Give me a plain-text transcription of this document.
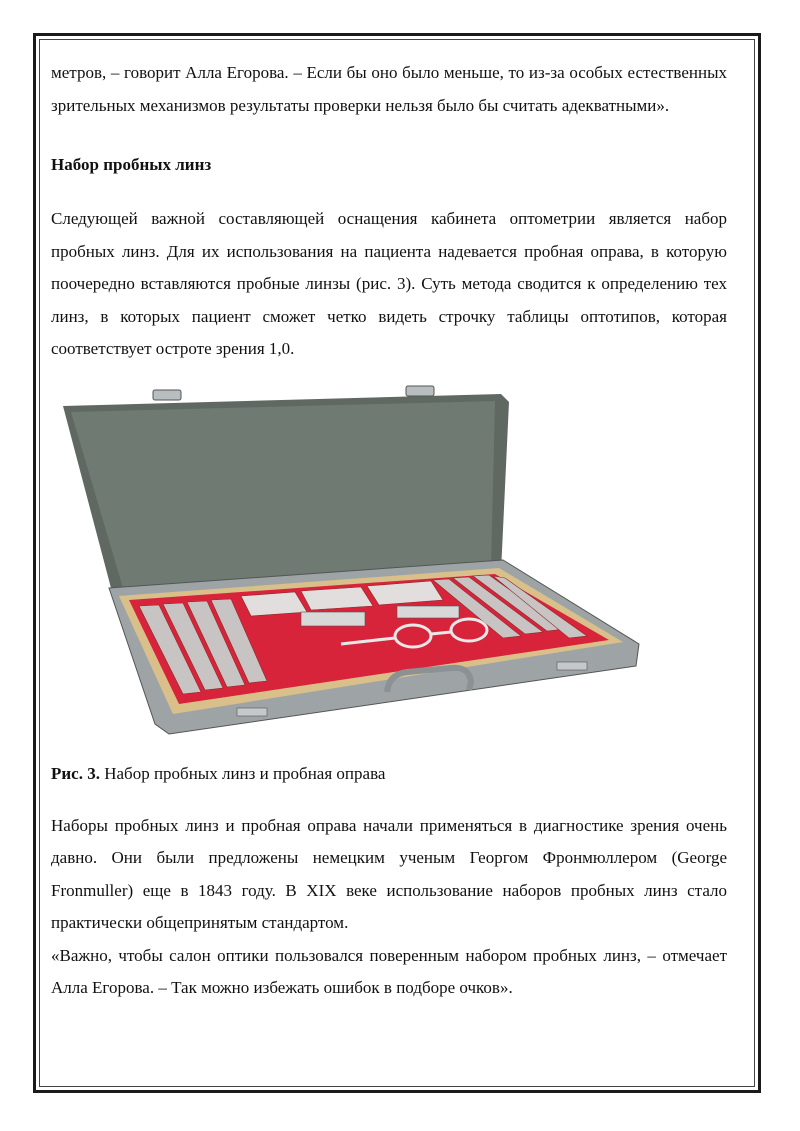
метров, – говорит Алла Егорова. – Если бы оно было меньше, то из-за особых естественных зрительных механизмов результаты проверки нельзя было бы считать адекватными».

Набор пробных линз

Следующей важной составляющей оснащения кабинета оптометрии является набор пробных линз. Для их использования на пациента надевается пробная оправа, в которую поочередно вставляются пробные линзы (рис. 3). Суть метода сводится к определению тех линз, в которых пациент сможет четко видеть строчку таблицы оптотипов, которая соответствует остроте зрения 1,0.

Рис. 3. Набор пробных линз и пробная оправа

Наборы пробных линз и пробная оправа начали применяться в диагностике зрения очень давно. Они были предложены немецким ученым Георгом Фронмюллером (George Fronmuller) еще в 1843 году. В XIX веке использование наборов пробных линз стало практически общепринятым стандартом.

«Важно, чтобы салон оптики пользовался поверенным набором пробных линз, – отмечает Алла Егорова. – Так можно избежать ошибок в подборе очков».
